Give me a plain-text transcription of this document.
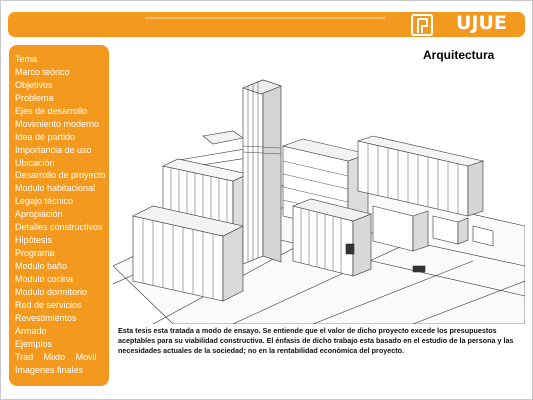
UJUE
Tema
Marco teórico
Objetivos
Problema
Ejes de desarrollo
Movimiento moderno
Idea de partido
Importancia de uso
Ubicación
Desarrollo de proyecto
Modulo habitacional
Legajo técnico
Apropiación
Detalles constructivos
Hipótesis
Programa
Modulo baño
Modulo cocina
Modulo dormitorio
Red de servicios
Revestimientos
Armado
Ejemplos
Trad Mixto Movil
Imagenes finales
Arquitectura
Esta tesis esta tratada a modo de ensayo. Se entiende que el valor de dicho proyecto excede los presupuestos aceptables para su viabilidad constructiva. El énfasis de dicho trabajo esta basado en el estudio de la persona y las necesidades actuales de la sociedad; no en la rentabilidad económica del proyecto.
